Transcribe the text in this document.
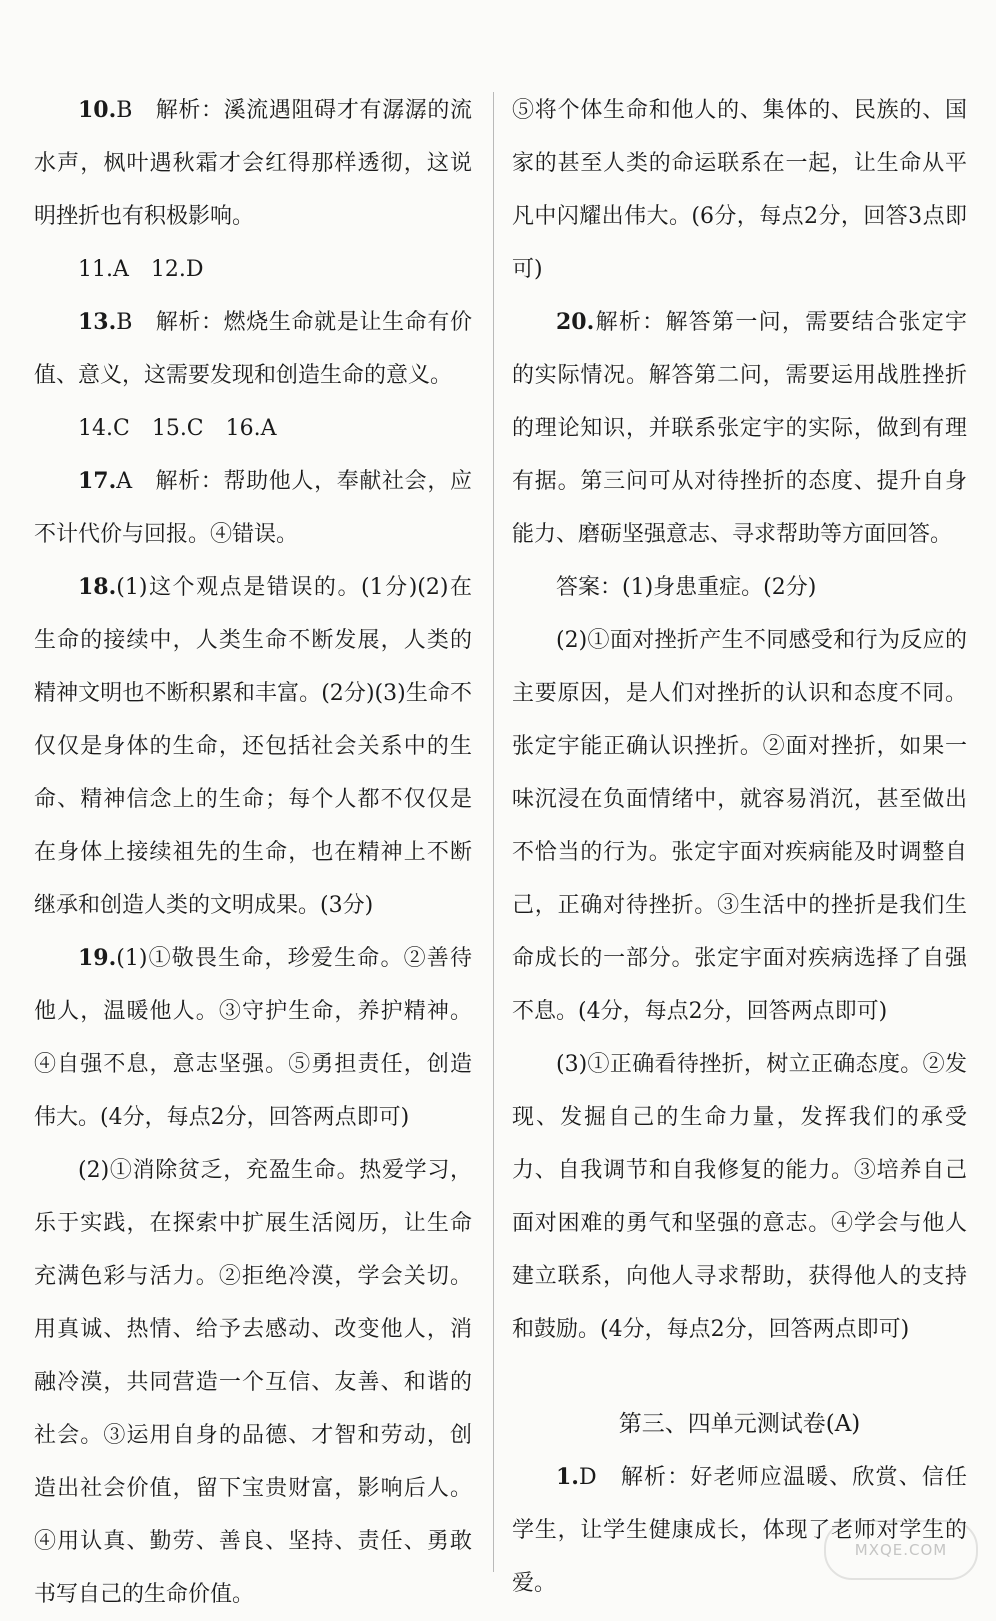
10.B　解析：溪流遇阻碍才有潺潺的流水声，枫叶遇秋霜才会红得那样透彻，这说明挫折也有积极影响。

11.A　12.D

13.B　解析：燃烧生命就是让生命有价值、意义，这需要发现和创造生命的意义。

14.C　15.C　16.A

17.A　解析：帮助他人，奉献社会，应不计代价与回报。④错误。

18.(1)这个观点是错误的。(1分)(2)在生命的接续中，人类生命不断发展，人类的精神文明也不断积累和丰富。(2分)(3)生命不仅仅是身体的生命，还包括社会关系中的生命、精神信念上的生命；每个人都不仅仅是在身体上接续祖先的生命，也在精神上不断继承和创造人类的文明成果。(3分)

19.(1)①敬畏生命，珍爱生命。②善待他人，温暖他人。③守护生命，养护精神。④自强不息，意志坚强。⑤勇担责任，创造伟大。(4分，每点2分，回答两点即可)

(2)①消除贫乏，充盈生命。热爱学习，乐于实践，在探索中扩展生活阅历，让生命充满色彩与活力。②拒绝冷漠，学会关切。用真诚、热情、给予去感动、改变他人，消融冷漠，共同营造一个互信、友善、和谐的社会。③运用自身的品德、才智和劳动，创造出社会价值，留下宝贵财富，影响后人。④用认真、勤劳、善良、坚持、责任、勇敢书写自己的生命价值。

⑤将个体生命和他人的、集体的、民族的、国家的甚至人类的命运联系在一起，让生命从平凡中闪耀出伟大。(6分，每点2分，回答3点即可)

20.解析：解答第一问，需要结合张定宇的实际情况。解答第二问，需要运用战胜挫折的理论知识，并联系张定宇的实际，做到有理有据。第三问可从对待挫折的态度、提升自身能力、磨砺坚强意志、寻求帮助等方面回答。

答案：(1)身患重症。(2分)

(2)①面对挫折产生不同感受和行为反应的主要原因，是人们对挫折的认识和态度不同。张定宇能正确认识挫折。②面对挫折，如果一味沉浸在负面情绪中，就容易消沉，甚至做出不恰当的行为。张定宇面对疾病能及时调整自己，正确对待挫折。③生活中的挫折是我们生命成长的一部分。张定宇面对疾病选择了自强不息。(4分，每点2分，回答两点即可)

(3)①正确看待挫折，树立正确态度。②发现、发掘自己的生命力量，发挥我们的承受力、自我调节和自我修复的能力。③培养自己面对困难的勇气和坚强的意志。④学会与他人建立联系，向他人寻求帮助，获得他人的支持和鼓励。(4分，每点2分，回答两点即可)

第三、四单元测试卷(A)

1.D　解析：好老师应温暖、欣赏、信任学生，让学生健康成长，体现了老师对学生的爱。

MXQE.COM
